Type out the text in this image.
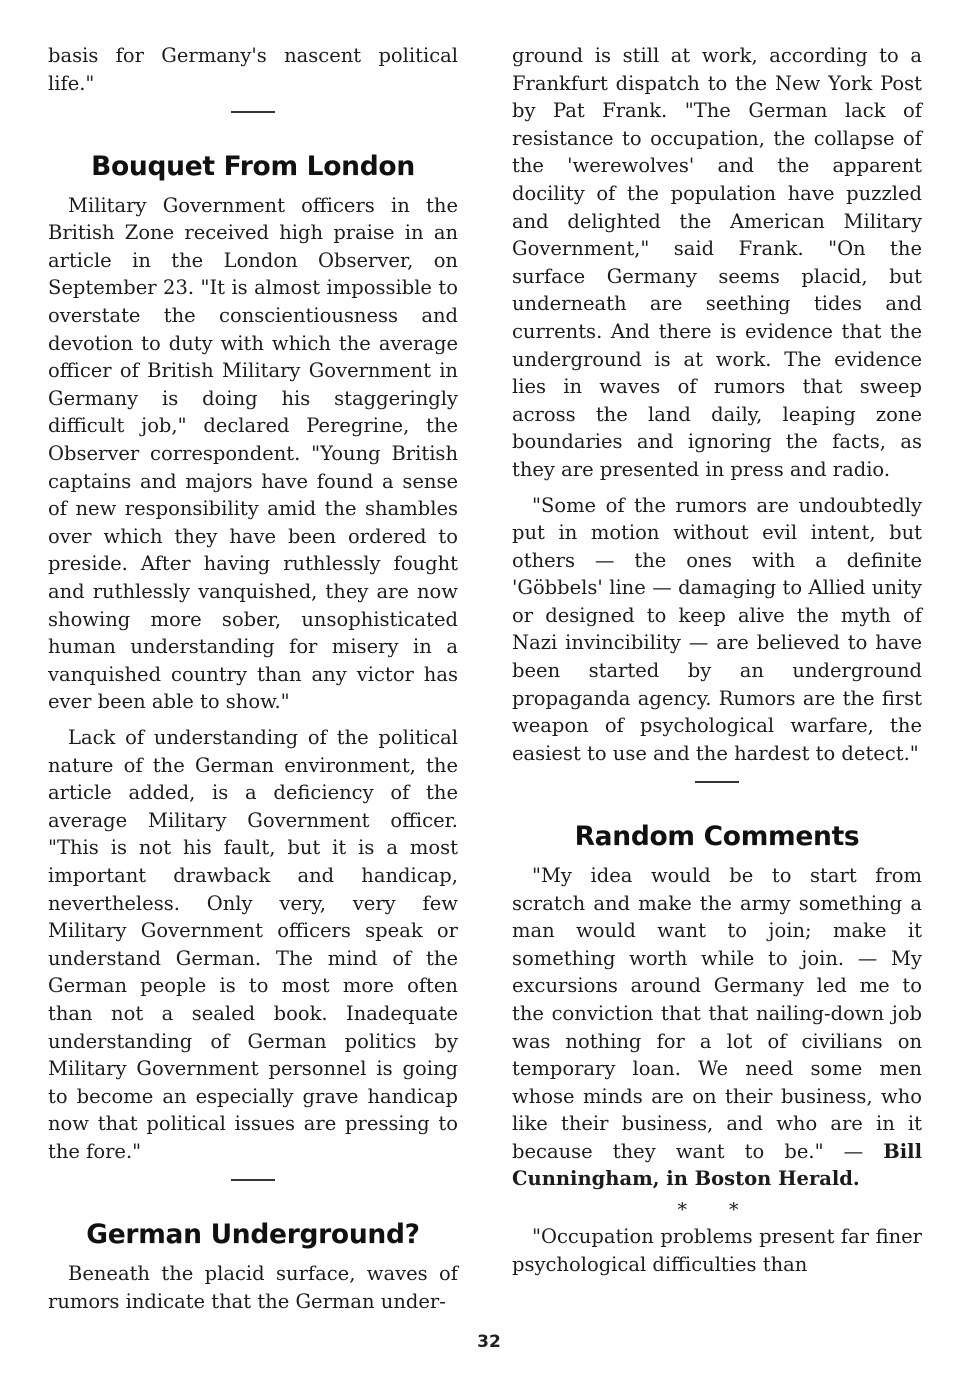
basis for Germany's nascent political life."

Bouquet From London

Military Government officers in the British Zone received high praise in an article in the London Observer, on September 23. "It is almost impossible to overstate the conscientiousness and devotion to duty with which the average officer of British Military Government in Germany is doing his staggeringly difficult job," declared Peregrine, the Observer correspondent. "Young British captains and majors have found a sense of new responsibility amid the shambles over which they have been ordered to preside. After having ruthlessly fought and ruthlessly vanquished, they are now showing more sober, unsophisticated human understanding for misery in a vanquished country than any victor has ever been able to show."

Lack of understanding of the political nature of the German environment, the article added, is a deficiency of the average Military Government officer. "This is not his fault, but it is a most important drawback and handicap, nevertheless. Only very, very few Military Government officers speak or understand German. The mind of the German people is to most more often than not a sealed book. Inadequate understanding of German politics by Military Government personnel is going to become an especially grave handicap now that political issues are pressing to the fore."

German Underground?

Beneath the placid surface, waves of rumors indicate that the German under-

ground is still at work, according to a Frankfurt dispatch to the New York Post by Pat Frank. "The German lack of resistance to occupation, the collapse of the 'werewolves' and the apparent docility of the population have puzzled and delighted the American Military Government," said Frank. "On the surface Germany seems placid, but underneath are seething tides and currents. And there is evidence that the underground is at work. The evidence lies in waves of rumors that sweep across the land daily, leaping zone boundaries and ignoring the facts, as they are presented in press and radio.

"Some of the rumors are undoubtedly put in motion without evil intent, but others — the ones with a definite 'Göbbels' line — damaging to Allied unity or designed to keep alive the myth of Nazi invincibility — are believed to have been started by an underground propaganda agency. Rumors are the first weapon of psychological warfare, the easiest to use and the hardest to detect."

Random Comments

"My idea would be to start from scratch and make the army something a man would want to join; make it something worth while to join. — My excursions around Germany led me to the conviction that that nailing-down job was nothing for a lot of civilians on temporary loan. We need some men whose minds are on their business, who like their business, and who are in it because they want to be." — Bill Cunningham, in Boston Herald.

* *

"Occupation problems present far finer psychological difficulties than

32
